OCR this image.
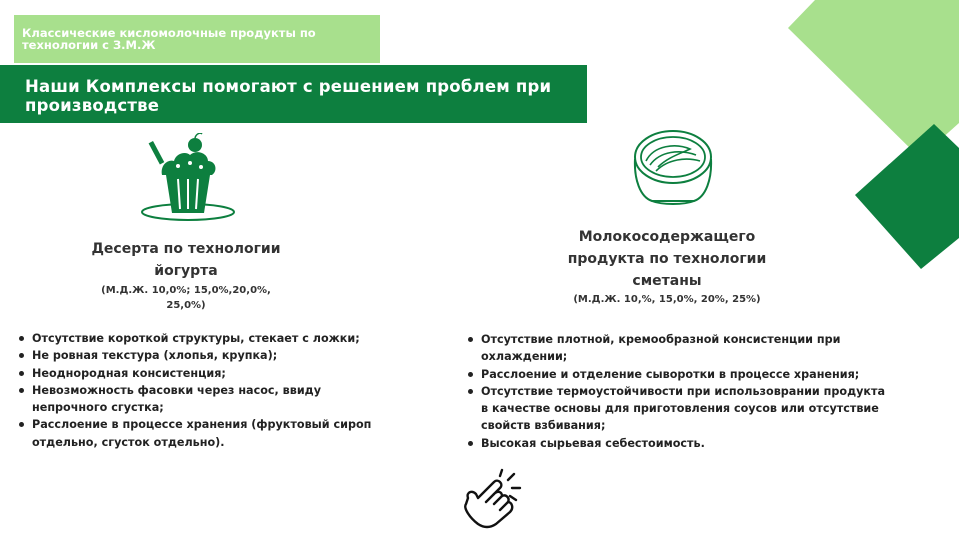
Классические кисломолочные продукты по технологии с З.М.Ж
Наши Комплексы помогают с решением проблем при производстве
Десерта по технологии йогурта
(М.Д.Ж. 10,0%; 15,0%,20,0%, 25,0%)
Молокосодержащего продукта по технологии сметаны
(М.Д.Ж. 10,%, 15,0%, 20%, 25%)
Отсутствие короткой структуры, стекает с ложки;
Не ровная текстура (хлопья, крупка);
Неоднородная консистенция;
Невозможность фасовки через насос, ввиду непрочного сгустка;
Расслоение в процессе хранения (фруктовый сироп отдельно, сгусток отдельно).
Отсутствие плотной, кремообразной консистенции при охлаждении;
Расслоение и отделение сыворотки в процессе хранения;
Отсутствие термоустойчивости при использоврании продукта в качестве основы для приготовления соусов или отсутствие свойств взбивания;
Высокая сырьевая себестоимость.
